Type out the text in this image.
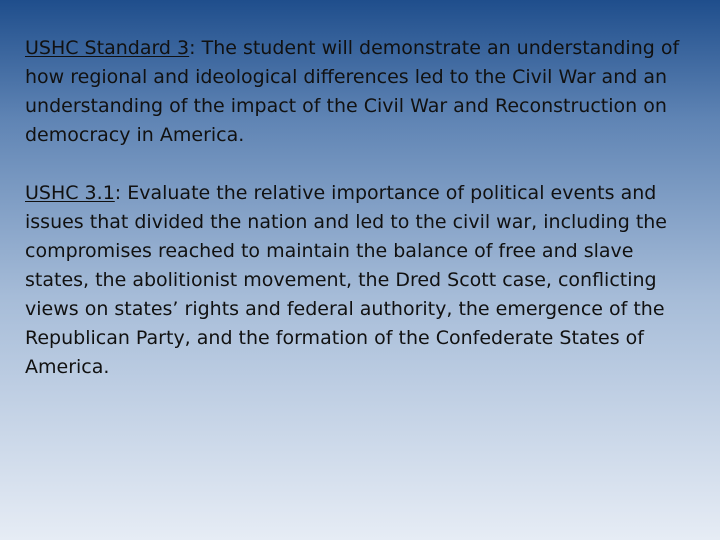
USHC Standard 3: The student will demonstrate an understanding of how regional and ideological differences led to the Civil War and an understanding of the impact of the Civil War and Reconstruction on democracy in America.

USHC 3.1: Evaluate the relative importance of political events and issues that divided the nation and led to the civil war, including the compromises reached to maintain the balance of free and slave states, the abolitionist movement, the Dred Scott case, conflicting views on states’ rights and federal authority, the emergence of the Republican Party, and the formation of the Confederate States of America.
